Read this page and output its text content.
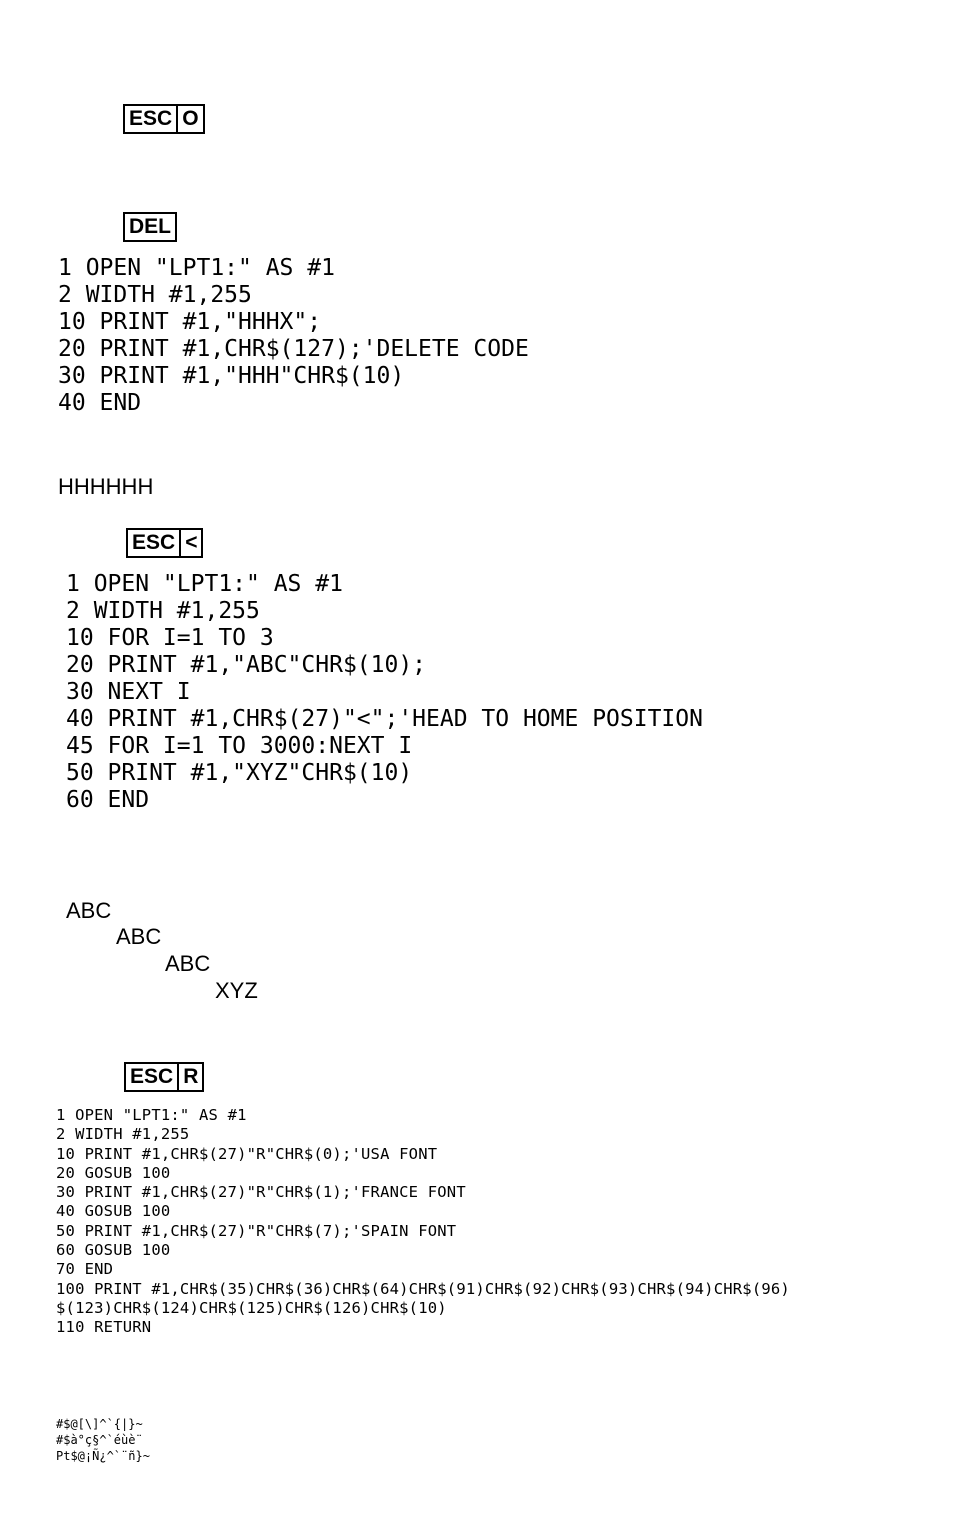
ESC O
DEL
1 OPEN "LPT1:" AS #1
2 WIDTH #1,255
10 PRINT #1,"HHHX";
20 PRINT #1,CHR$(127);'DELETE CODE
30 PRINT #1,"HHH"CHR$(10)
40 END
HHHHHH
ESC <
1 OPEN "LPT1:" AS #1
2 WIDTH #1,255
10 FOR I=1 TO 3
20 PRINT #1,"ABC"CHR$(10);
30 NEXT I
40 PRINT #1,CHR$(27)"<";'HEAD TO HOME POSITION
45 FOR I=1 TO 3000:NEXT I
50 PRINT #1,"XYZ"CHR$(10)
60 END
ABC
ABC
ABC
XYZ
ESC R
1 OPEN "LPT1:" AS #1
2 WIDTH #1,255
10 PRINT #1,CHR$(27)"R"CHR$(0);'USA FONT
20 GOSUB 100
30 PRINT #1,CHR$(27)"R"CHR$(1);'FRANCE FONT
40 GOSUB 100
50 PRINT #1,CHR$(27)"R"CHR$(7);'SPAIN FONT
60 GOSUB 100
70 END
100 PRINT #1,CHR$(35)CHR$(36)CHR$(64)CHR$(91)CHR$(92)CHR$(93)CHR$(94)CHR$(96)
$(123)CHR$(124)CHR$(125)CHR$(126)CHR$(10)
110 RETURN
#$@[\]^`{|}~
#$à°ç§^`éùè¨
Pt$@¡Ñ¿^`¨ñ}~
